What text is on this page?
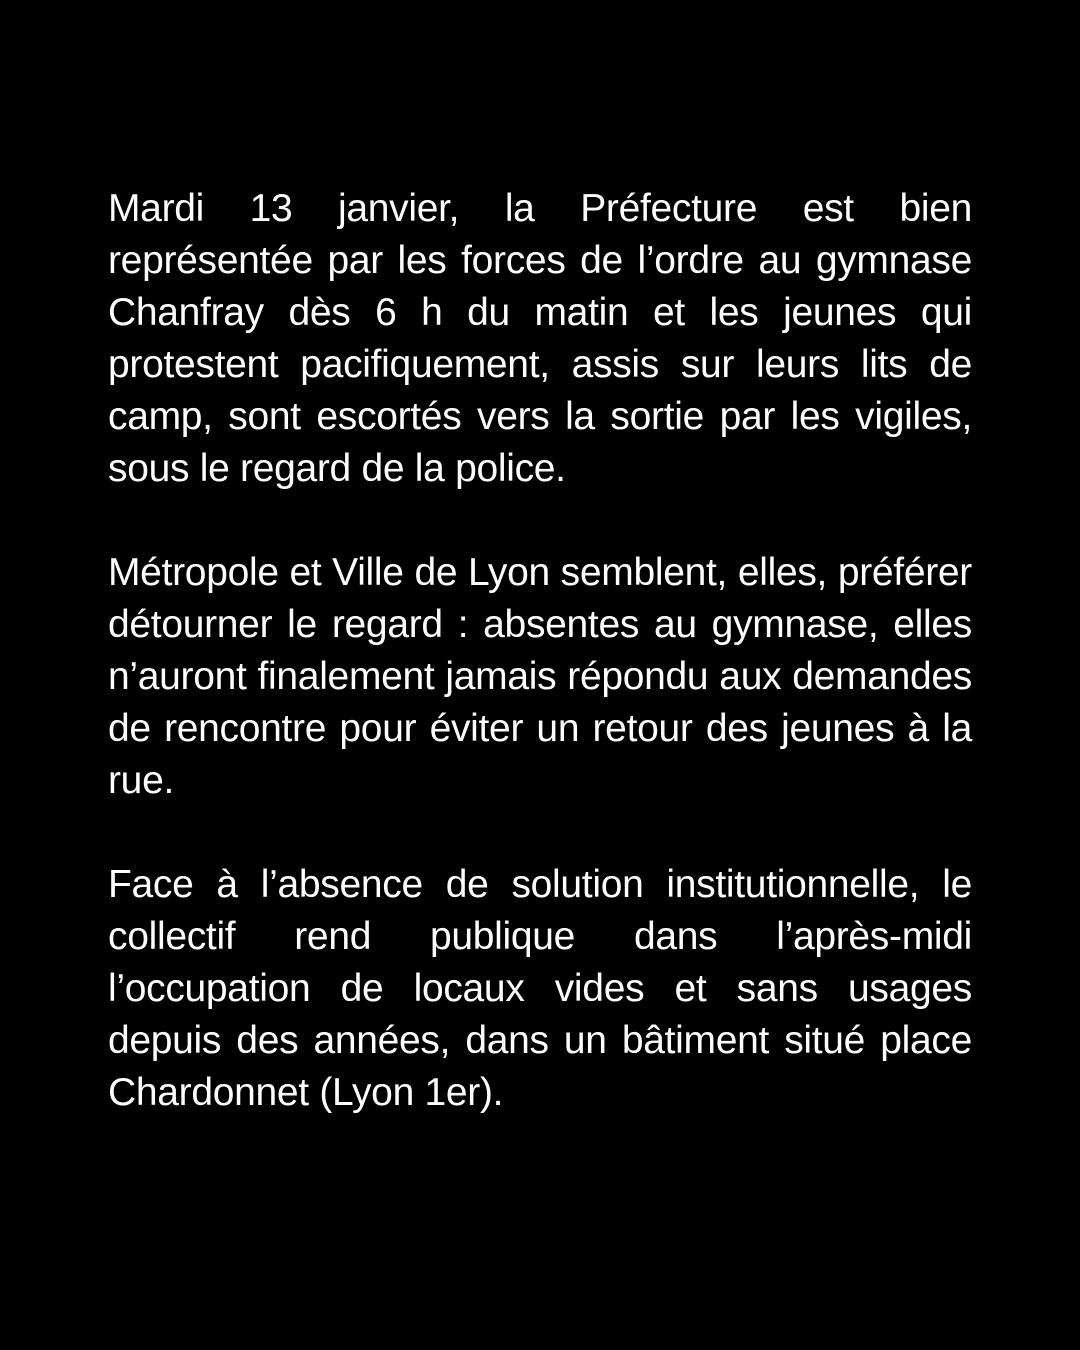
Mardi 13 janvier, la Préfecture est bien représentée par les forces de l’ordre au gymnase Chanfray dès 6 h du matin et les jeunes qui protestent pacifiquement, assis sur leurs lits de camp, sont escortés vers la sortie par les vigiles, sous le regard de la police.

Métropole et Ville de Lyon semblent, elles, préférer détourner le regard : absentes au gymnase, elles n’auront finalement jamais répondu aux demandes de rencontre pour éviter un retour des jeunes à la rue.

Face à l’absence de solution institutionnelle, le collectif rend publique dans l’après-midi l’occupation de locaux vides et sans usages depuis des années, dans un bâtiment situé place Chardonnet (Lyon 1er).
